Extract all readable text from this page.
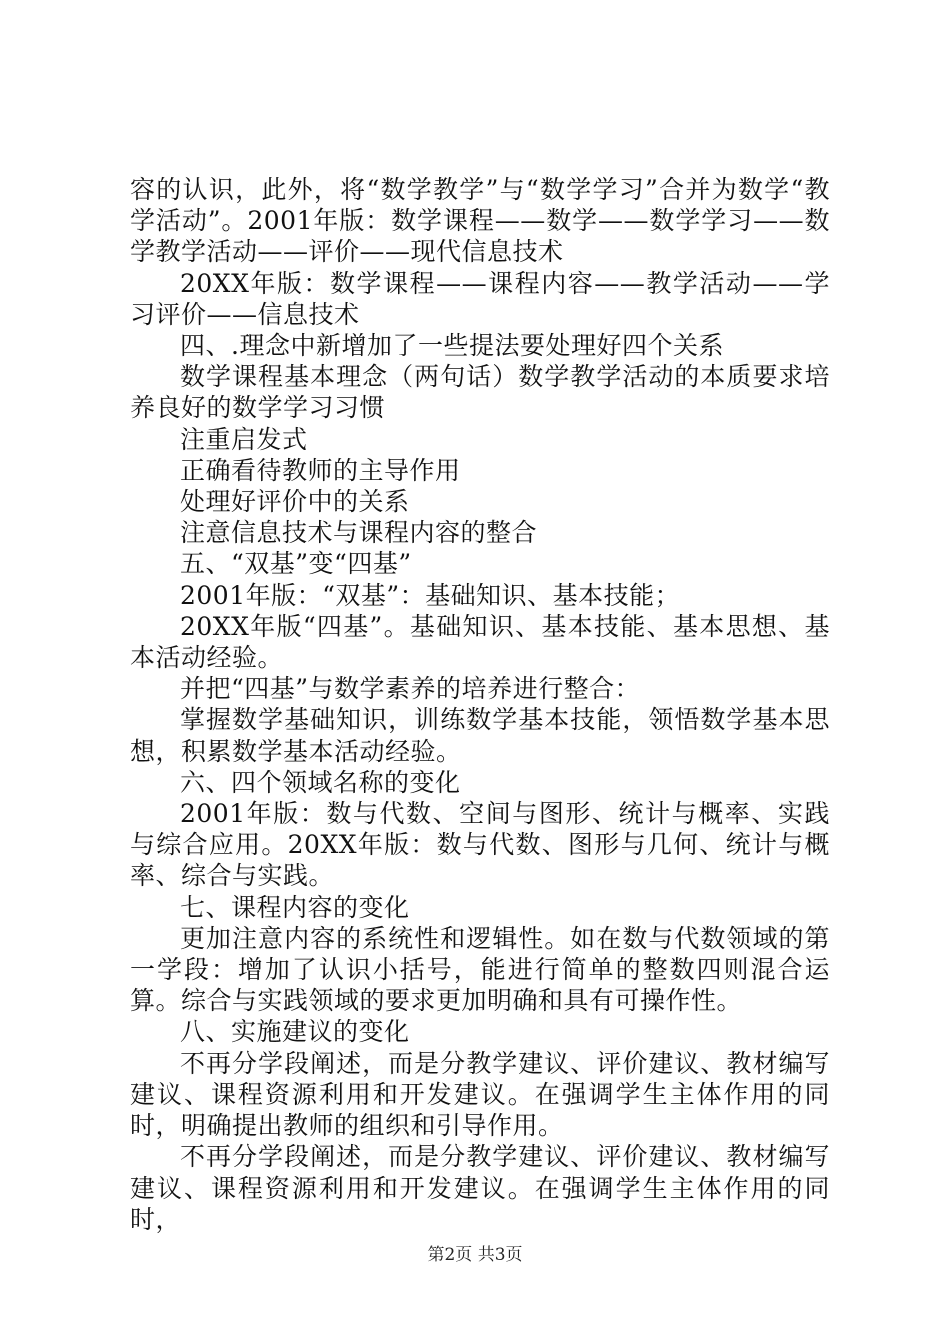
容的认识，此外，将“数学教学”与“数学学习”合并为数学“教学活动”。2001年版：数学课程——数学——数学学习——数学教学活动——评价——现代信息技术

20XX年版：数学课程——课程内容——教学活动——学习评价——信息技术

四、.理念中新增加了一些提法要处理好四个关系

数学课程基本理念（两句话）数学教学活动的本质要求培养良好的数学学习习惯

注重启发式

正确看待教师的主导作用

处理好评价中的关系

注意信息技术与课程内容的整合

五、“双基”变“四基”

2001年版：“双基”：基础知识、基本技能；

20XX年版“四基”。基础知识、基本技能、基本思想、基本活动经验。

并把“四基”与数学素养的培养进行整合：

掌握数学基础知识，训练数学基本技能，领悟数学基本思想，积累数学基本活动经验。

六、四个领域名称的变化

2001年版：数与代数、空间与图形、统计与概率、实践与综合应用。20XX年版：数与代数、图形与几何、统计与概率、综合与实践。

七、课程内容的变化

更加注意内容的系统性和逻辑性。如在数与代数领域的第一学段：增加了认识小括号，能进行简单的整数四则混合运算。综合与实践领域的要求更加明确和具有可操作性。

八、实施建议的变化

不再分学段阐述，而是分教学建议、评价建议、教材编写建议、课程资源利用和开发建议。在强调学生主体作用的同时，明确提出教师的组织和引导作用。

不再分学段阐述，而是分教学建议、评价建议、教材编写建议、课程资源利用和开发建议。在强调学生主体作用的同时，

第2页 共3页
